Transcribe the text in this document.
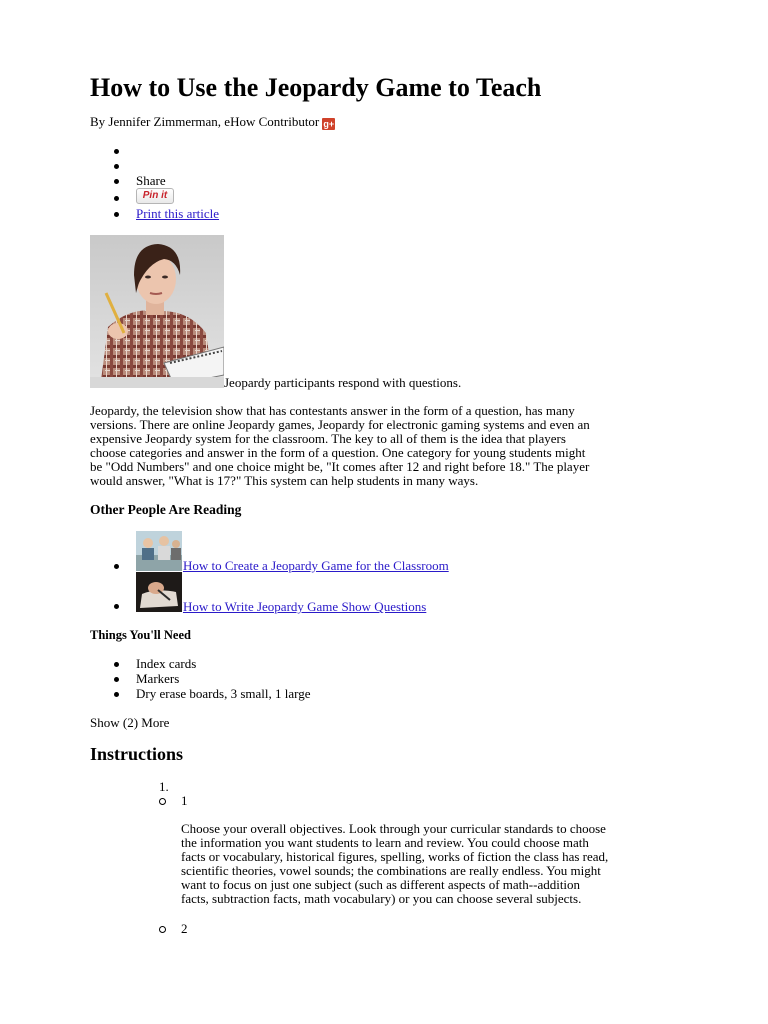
How to Use the Jeopardy Game to Teach
By Jennifer Zimmerman, eHow Contributor g+
Share
Pin it
Print this article
Jeopardy participants respond with questions.
Jeopardy, the television show that has contestants answer in the form of a question, has many
versions. There are online Jeopardy games, Jeopardy for electronic gaming systems and even an
expensive Jeopardy system for the classroom. The key to all of them is the idea that players
choose categories and answer in the form of a question. One category for young students might
be "Odd Numbers" and one choice might be, "It comes after 12 and right before 18." The player
would answer, "What is 17?" This system can help students in many ways.
Other People Are Reading
How to Create a Jeopardy Game for the Classroom
How to Write Jeopardy Game Show Questions
Things You'll Need
Index cards
Markers
Dry erase boards, 3 small, 1 large
Show (2) More
Instructions
1.
1
Choose your overall objectives. Look through your curricular standards to choose
the information you want students to learn and review. You could choose math
facts or vocabulary, historical figures, spelling, works of fiction the class has read,
scientific theories, vowel sounds; the combinations are really endless. You might
want to focus on just one subject (such as different aspects of math--addition
facts, subtraction facts, math vocabulary) or you can choose several subjects.
2
